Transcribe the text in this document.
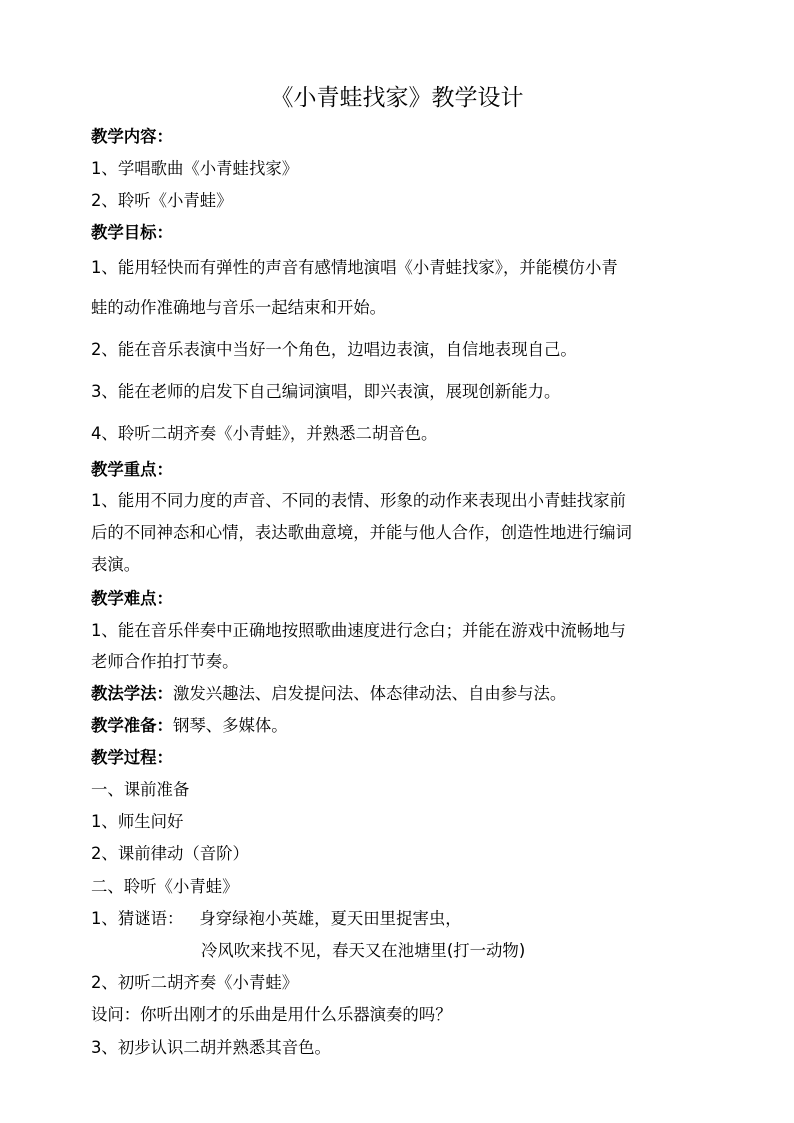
《小青蛙找家》教学设计
教学内容：
1、学唱歌曲《小青蛙找家》
2、聆听《小青蛙》
教学目标：
1、能用轻快而有弹性的声音有感情地演唱《小青蛙找家》，并能模仿小青
蛙的动作准确地与音乐一起结束和开始。
2、能在音乐表演中当好一个角色，边唱边表演，自信地表现自己。
3、能在老师的启发下自己编词演唱，即兴表演，展现创新能力。
4、聆听二胡齐奏《小青蛙》，并熟悉二胡音色。
教学重点：
1、能用不同力度的声音、不同的表情、形象的动作来表现出小青蛙找家前
后的不同神态和心情，表达歌曲意境，并能与他人合作，创造性地进行编词
表演。
教学难点：
1、能在音乐伴奏中正确地按照歌曲速度进行念白；并能在游戏中流畅地与
老师合作拍打节奏。
教法学法：激发兴趣法、启发提问法、体态律动法、自由参与法。
教学准备：钢琴、多媒体。
教学过程：
一、课前准备
1、师生问好
2、课前律动（音阶）
二、聆听《小青蛙》
1、猜谜语： 身穿绿袍小英雄，夏天田里捉害虫，
冷风吹来找不见，春天又在池塘里(打一动物)
2、初听二胡齐奏《小青蛙》
设问：你听出刚才的乐曲是用什么乐器演奏的吗？
3、初步认识二胡并熟悉其音色。
